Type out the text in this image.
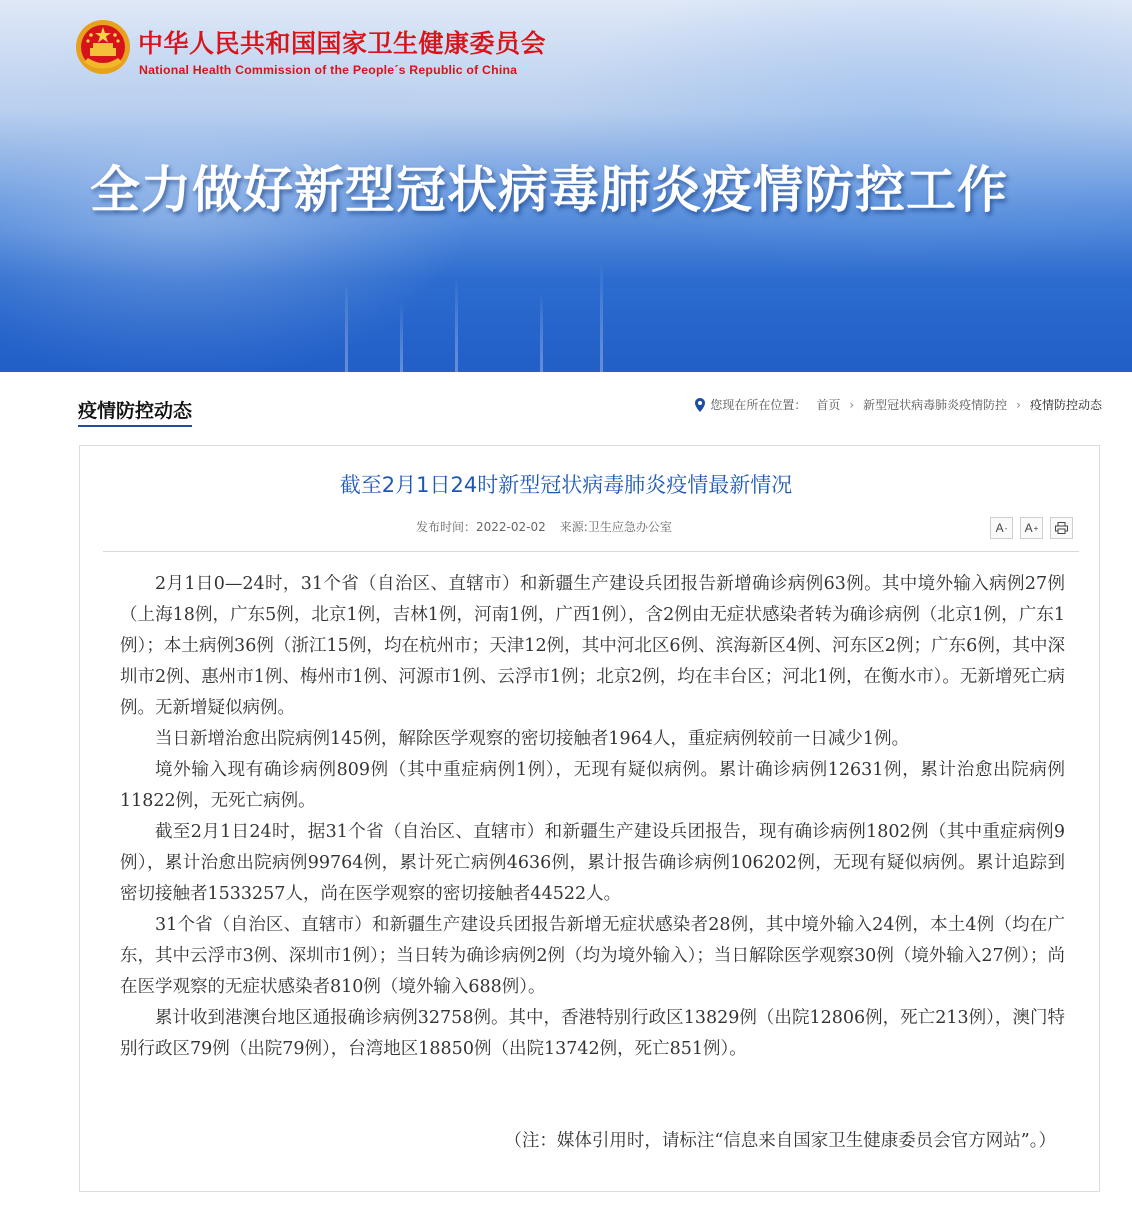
中华人民共和国国家卫生健康委员会
National Health Commission of the People´s Republic of China
全力做好新型冠状病毒肺炎疫情防控工作
疫情防控动态	您现在所在位置： 首页 › 新型冠状病毒肺炎疫情防控 › 疫情防控动态
截至2月1日24时新型冠状病毒肺炎疫情最新情况
发布时间：2022-02-02 来源:卫生应急办公室	A - A +

2月1日0—24时，31个省（自治区、直辖市）和新疆生产建设兵团报告新增确诊病例63例。其中境外输入病例27例（上海18例，广东5例，北京1例，吉林1例，河南1例，广西1例），含2例由无症状感染者转为确诊病例（北京1例，广东1例）；本土病例36例（浙江15例，均在杭州市；天津12例，其中河北区6例、滨海新区4例、河东区2例；广东6例，其中深圳市2例、惠州市1例、梅州市1例、河源市1例、云浮市1例；北京2例，均在丰台区；河北1例，在衡水市）。无新增死亡病例。无新增疑似病例。

当日新增治愈出院病例145例，解除医学观察的密切接触者1964人，重症病例较前一日减少1例。

境外输入现有确诊病例809例（其中重症病例1例），无现有疑似病例。累计确诊病例12631例，累计治愈出院病例11822例，无死亡病例。

截至2月1日24时，据31个省（自治区、直辖市）和新疆生产建设兵团报告，现有确诊病例1802例（其中重症病例9例），累计治愈出院病例99764例，累计死亡病例4636例，累计报告确诊病例106202例，无现有疑似病例。累计追踪到密切接触者1533257人，尚在医学观察的密切接触者44522人。

31个省（自治区、直辖市）和新疆生产建设兵团报告新增无症状感染者28例，其中境外输入24例，本土4例（均在广东，其中云浮市3例、深圳市1例）；当日转为确诊病例2例（均为境外输入）；当日解除医学观察30例（境外输入27例）；尚在医学观察的无症状感染者810例（境外输入688例）。

累计收到港澳台地区通报确诊病例32758例。其中，香港特别行政区13829例（出院12806例，死亡213例），澳门特别行政区79例（出院79例），台湾地区18850例（出院13742例，死亡851例）。

（注：媒体引用时，请标注“信息来自国家卫生健康委员会官方网站”。）
